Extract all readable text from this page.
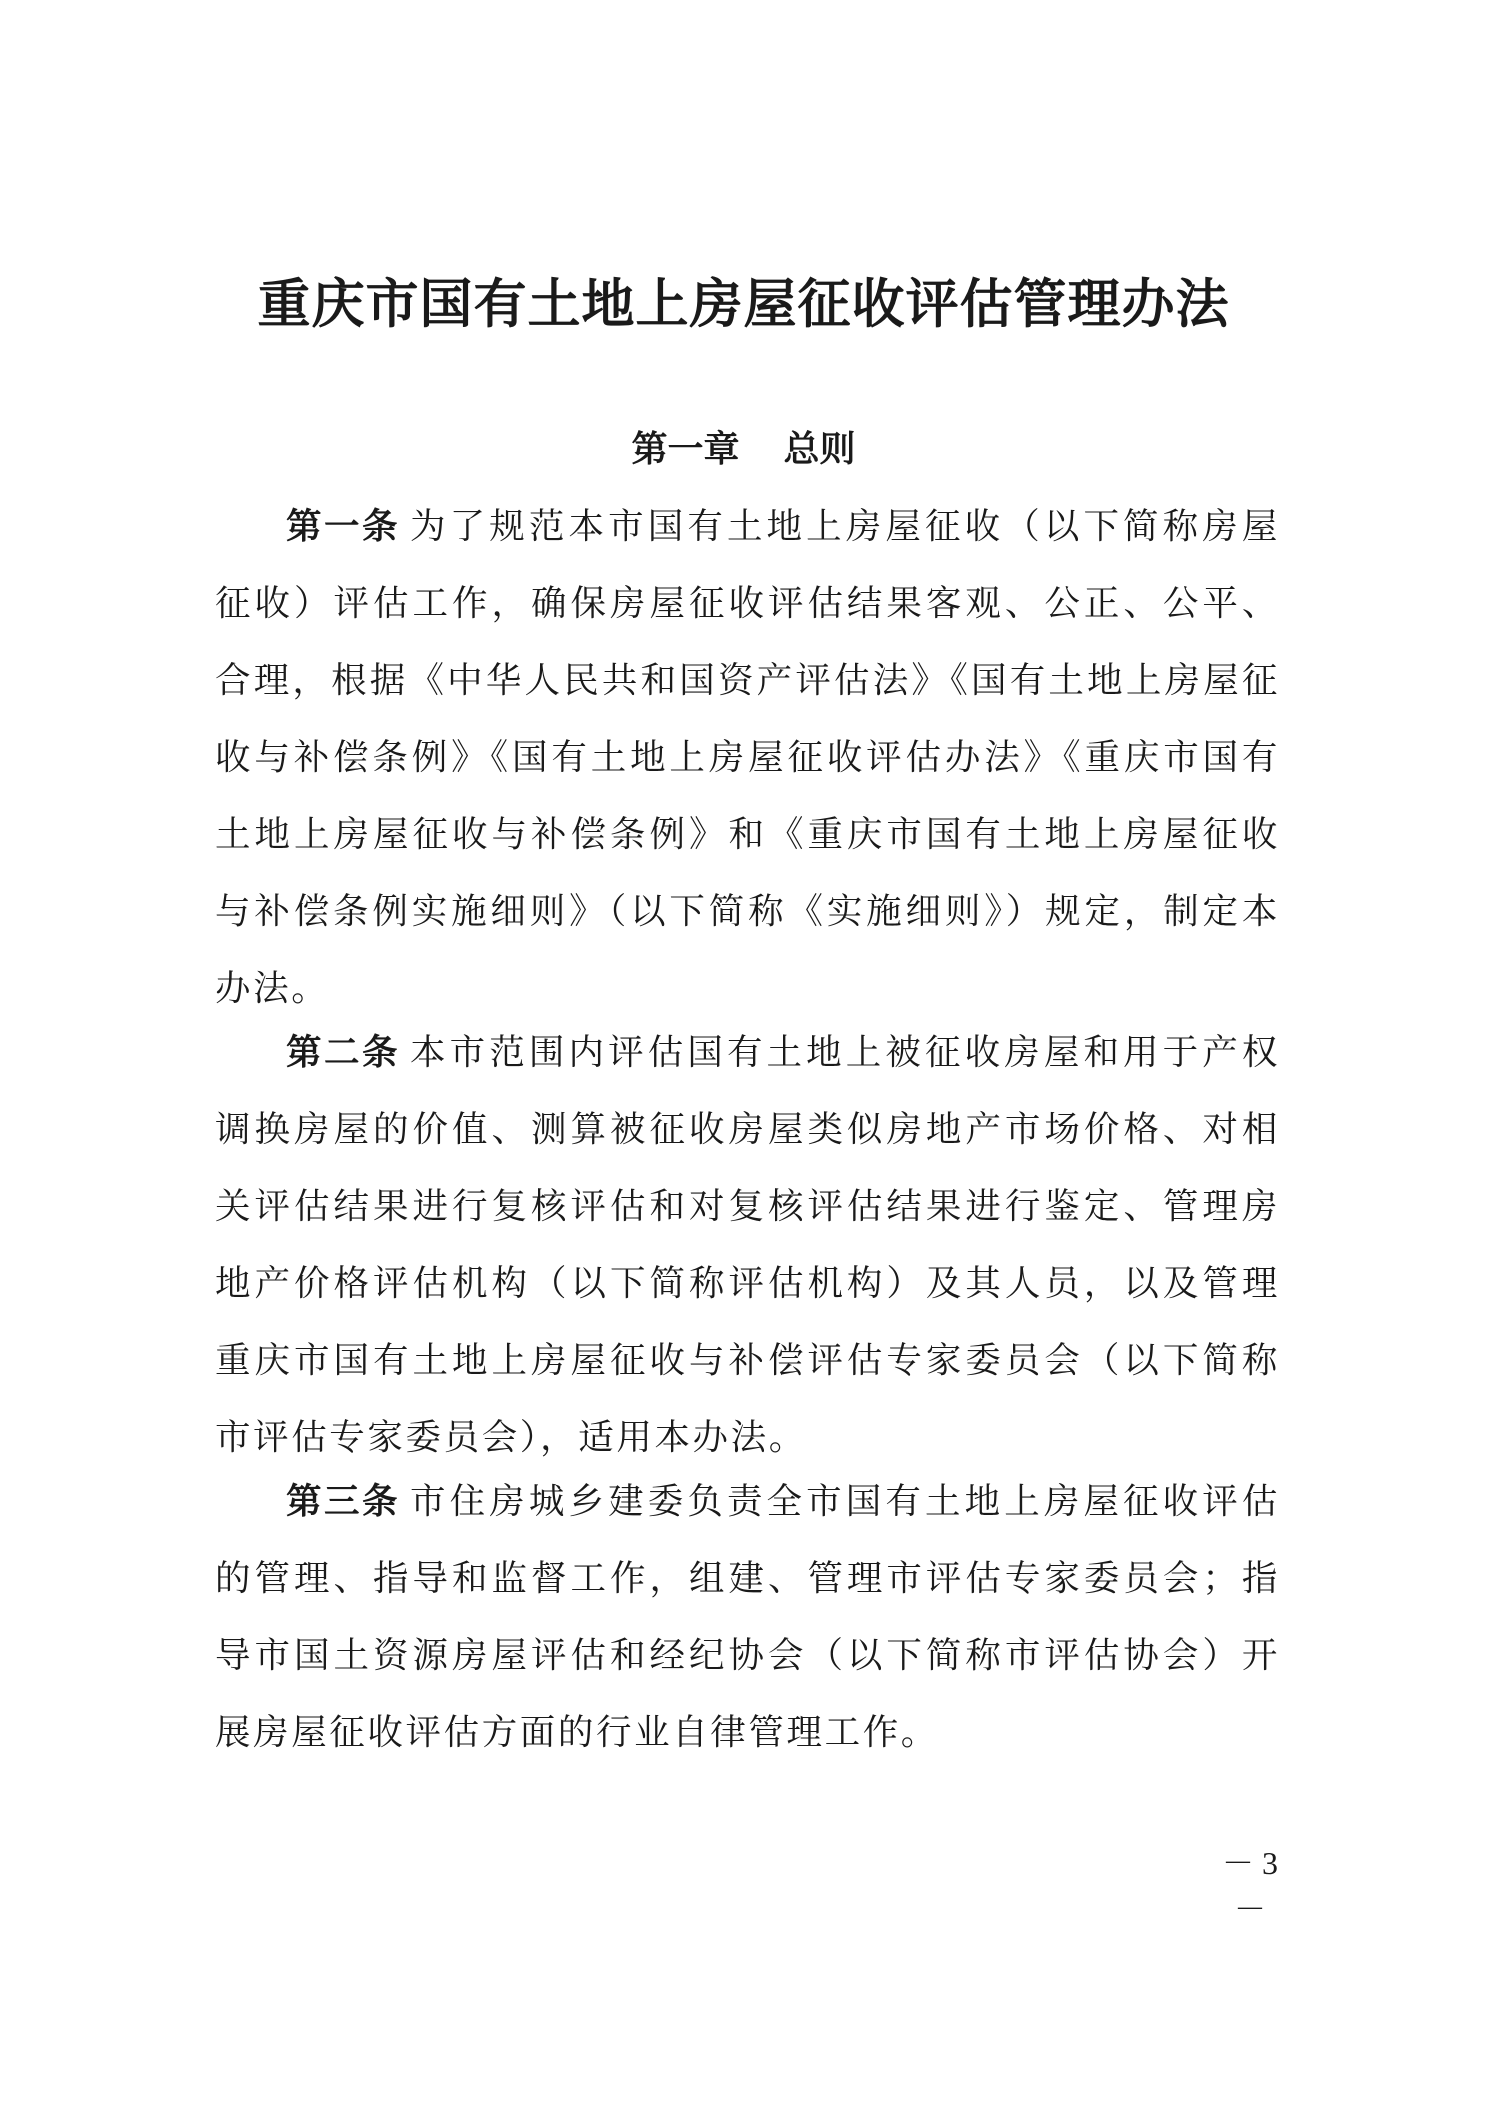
重庆市国有土地上房屋征收评估管理办法
第一章 总则

第一条 为了规范本市国有土地上房屋征收（以下简称房屋征收）评估工作，确保房屋征收评估结果客观、公正、公平、合理，根据《中华人民共和国资产评估法》《国有土地上房屋征收与补偿条例》《国有土地上房屋征收评估办法》《重庆市国有土地上房屋征收与补偿条例》和《重庆市国有土地上房屋征收与补偿条例实施细则》（以下简称《实施细则》）规定，制定本办法。

第二条 本市范围内评估国有土地上被征收房屋和用于产权调换房屋的价值、测算被征收房屋类似房地产市场价格、对相关评估结果进行复核评估和对复核评估结果进行鉴定、管理房地产价格评估机构（以下简称评估机构）及其人员，以及管理重庆市国有土地上房屋征收与补偿评估专家委员会（以下简称市评估专家委员会），适用本办法。

第三条 市住房城乡建委负责全市国有土地上房屋征收评估的管理、指导和监督工作，组建、管理市评估专家委员会；指导市国土资源房屋评估和经纪协会（以下简称市评估协会）开展房屋征收评估方面的行业自律管理工作。

－ 3 －
